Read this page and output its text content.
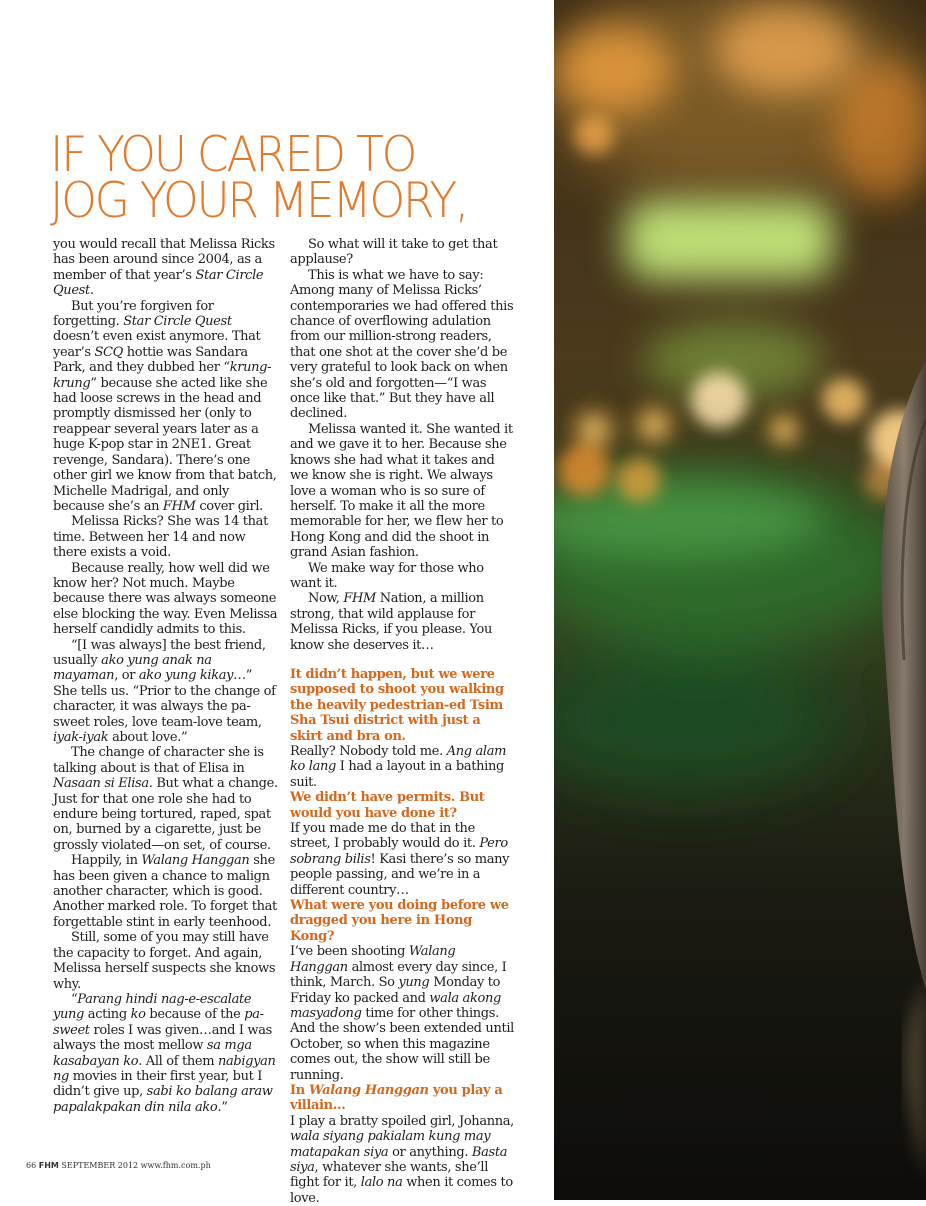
IF YOU CARED TO
JOG YOUR MEMORY,

you would recall that Melissa Ricks has been around since 2004, as a member of that year’s Star Circle Quest.

But you’re forgiven for forgetting. Star Circle Quest doesn’t even exist anymore. That year’s SCQ hottie was Sandara Park, and they dubbed her “krung-krung” because she acted like she had loose screws in the head and promptly dismissed her (only to reappear several years later as a huge K-pop star in 2NE1. Great revenge, Sandara). There’s one other girl we know from that batch, Michelle Madrigal, and only because she’s an FHM cover girl.

Melissa Ricks? She was 14 that time. Between her 14 and now there exists a void.

Because really, how well did we know her? Not much. Maybe because there was always someone else blocking the way. Even Melissa herself candidly admits to this.

“[I was always] the best friend, usually ako yung anak na mayaman, or ako yung kikay…” She tells us. “Prior to the change of character, it was always the pa-sweet roles, love team-love team, iyak-iyak about love.”

The change of character she is talking about is that of Elisa in Nasaan si Elisa. But what a change. Just for that one role she had to endure being tortured, raped, spat on, burned by a cigarette, just be grossly violated—on set, of course.

Happily, in Walang Hanggan she has been given a chance to malign another character, which is good. Another marked role. To forget that forgettable stint in early teenhood.

Still, some of you may still have the capacity to forget. And again, Melissa herself suspects she knows why.

“Parang hindi nag-e-escalate yung acting ko because of the pa-sweet roles I was given…and I was always the most mellow sa mga kasabayan ko. All of them nabigyan ng movies in their first year, but I didn’t give up, sabi ko balang araw papalakpakan din nila ako.”

So what will it take to get that applause?

This is what we have to say: Among many of Melissa Ricks’ contemporaries we had offered this chance of overflowing adulation from our million-strong readers, that one shot at the cover she’d be very grateful to look back on when she’s old and forgotten—“I was once like that.” But they have all declined.

Melissa wanted it. She wanted it and we gave it to her. Because she knows she had what it takes and we know she is right. We always love a woman who is so sure of herself. To make it all the more memorable for her, we flew her to Hong Kong and did the shoot in grand Asian fashion.

We make way for those who want it.

Now, FHM Nation, a million strong, that wild applause for Melissa Ricks, if you please. You know she deserves it…

It didn’t happen, but we were supposed to shoot you walking the heavily pedestrian-ed Tsim Sha Tsui district with just a skirt and bra on.

Really? Nobody told me. Ang alam ko lang I had a layout in a bathing suit.

We didn’t have permits. But would you have done it?

If you made me do that in the street, I probably would do it. Pero sobrang bilis! Kasi there’s so many people passing, and we’re in a different country…

What were you doing before we dragged you here in Hong Kong?

I’ve been shooting Walang Hanggan almost every day since, I think, March. So yung Monday to Friday ko packed and wala akong masyadong time for other things. And the show’s been extended until October, so when this magazine comes out, the show will still be running.

In Walang Hanggan you play a villain…

I play a bratty spoiled girl, Johanna, wala siyang pakialam kung may matapakan siya or anything. Basta siya, whatever she wants, she’ll fight for it, lalo na when it comes to love.

66 FHM SEPTEMBER 2012 www.fhm.com.ph
